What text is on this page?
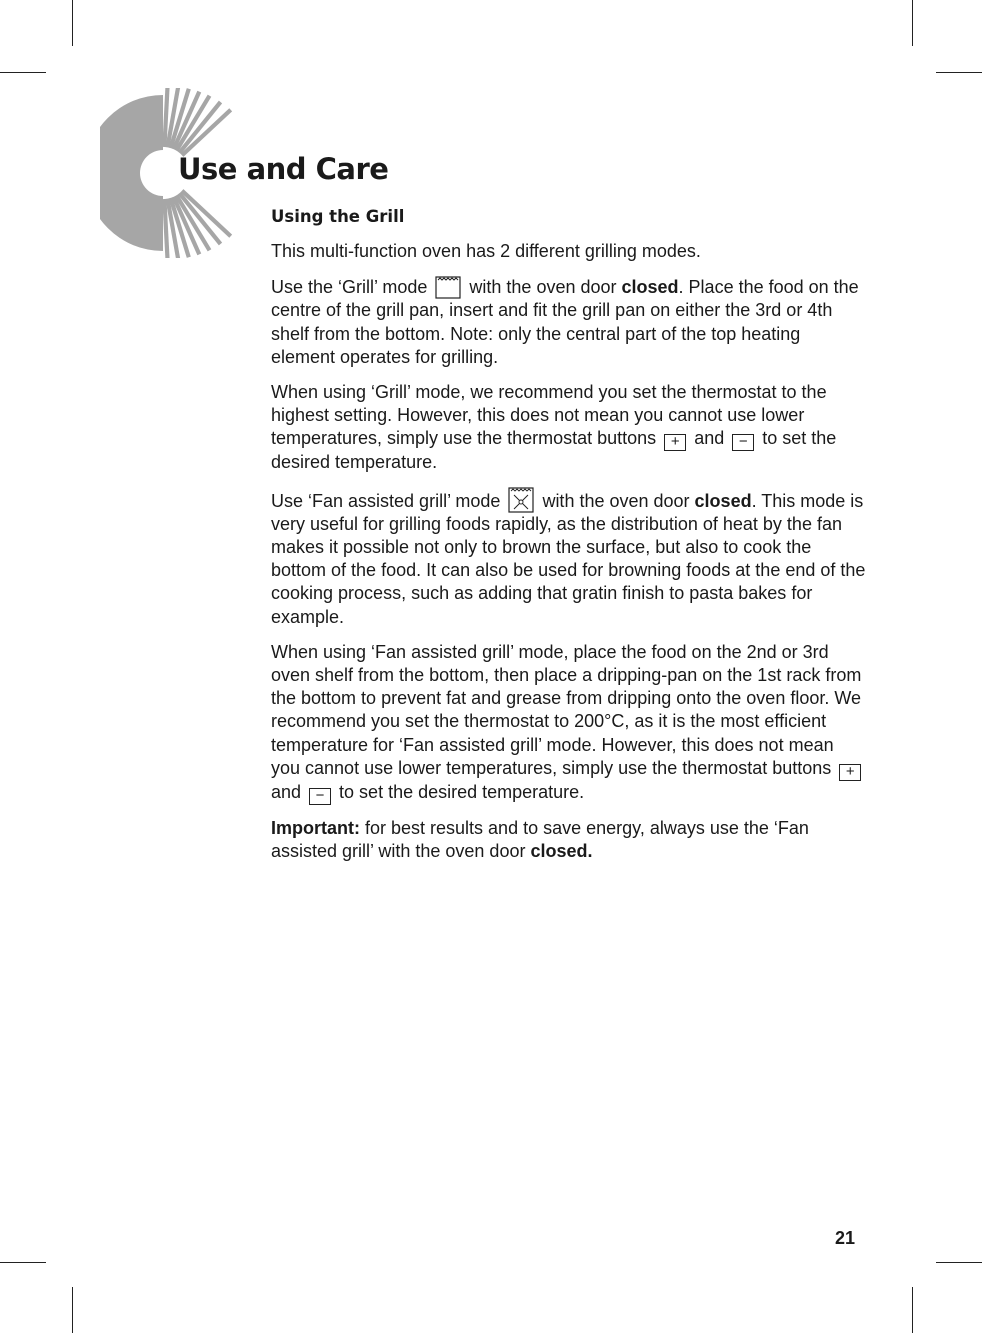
Use and Care
Using the Grill

This multi-function oven has 2 different grilling modes.

Use the ‘Grill’ mode  with the oven door closed. Place the food on the centre of the grill pan, insert and fit the grill pan on either the 3rd or 4th shelf from the bottom. Note: only the central part of the top heating element operates for grilling.

When using ‘Grill’ mode, we recommend you set the thermostat to the highest setting. However, this does not mean you cannot use lower temperatures, simply use the thermostat buttons + and − to set the desired temperature.

Use ‘Fan assisted grill’ mode  with the oven door closed. This mode is very useful for grilling foods rapidly, as the distribution of heat by the fan makes it possible not only to brown the surface, but also to cook the bottom of the food. It can also be used for browning foods at the end of the cooking process, such as adding that gratin finish to pasta bakes for example.

When using ‘Fan assisted grill’ mode, place the food on the 2nd or 3rd oven shelf from the bottom, then place a dripping-pan on the 1st rack from the bottom to prevent fat and grease from dripping onto the oven floor. We recommend you set the thermostat to 200°C, as it is the most efficient temperature for ‘Fan assisted grill’ mode. However, this does not mean you cannot use lower temperatures, simply use the thermostat buttons + and − to set the desired temperature.

Important: for best results and to save energy, always use the ‘Fan assisted grill’ with the oven door closed.

21
